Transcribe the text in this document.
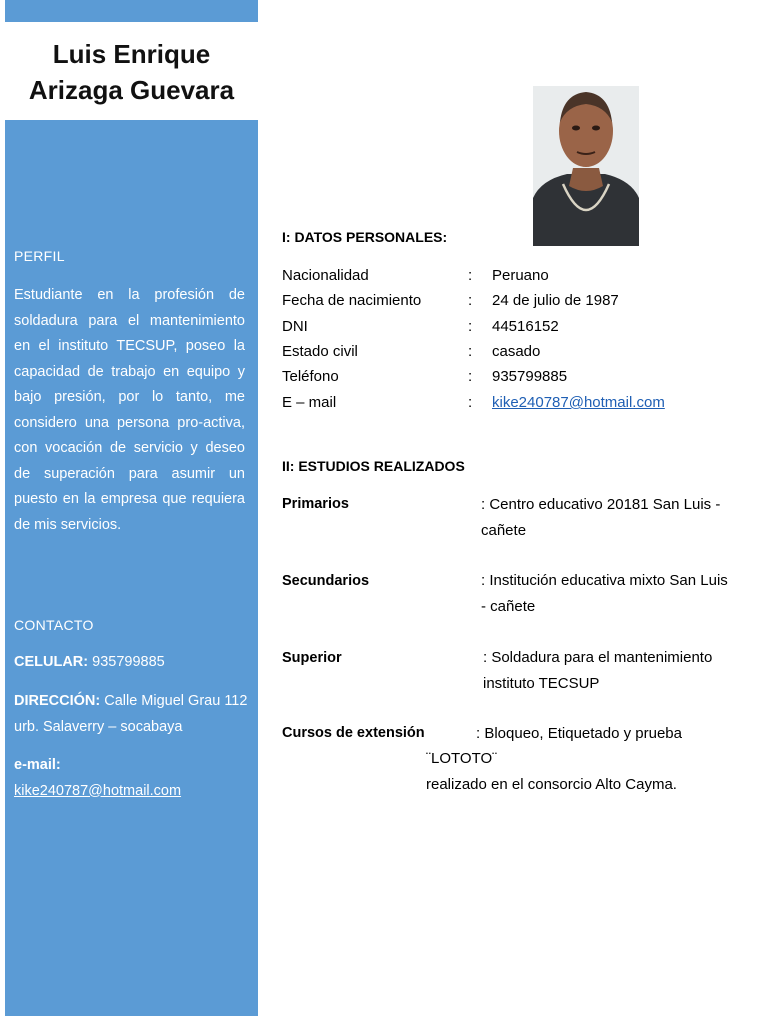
Luis Enrique
Arizaga Guevara
PERFIL
Estudiante en la profesión de soldadura para el mantenimiento en el instituto TECSUP, poseo la capacidad de trabajo en equipo y bajo presión, por lo tanto, me considero una persona pro-activa, con vocación de servicio y deseo de superación para asumir un puesto en la empresa que requiera de mis servicios.
CONTACTO
CELULAR: 935799885
DIRECCIÓN: Calle Miguel Grau 112 urb. Salaverry – socabaya
e-mail:
kike240787@hotmail.com
I: DATOS PERSONALES:
Nacionalidad	: Peruano
Fecha de nacimiento	: 24 de julio de 1987
DNI	: 44516152
Estado civil	: casado
Teléfono	: 935799885
E – mail	: kike240787@hotmail.com
II: ESTUDIOS REALIZADOS
Primarios	: Centro educativo 20181 San Luis - cañete
Secundarios	: Institución educativa mixto San Luis - cañete
Superior	: Soldadura para el mantenimiento instituto TECSUP
Cursos de extensión	: Bloqueo, Etiquetado y prueba
¨LOTOTO¨
realizado en el consorcio Alto Cayma.
